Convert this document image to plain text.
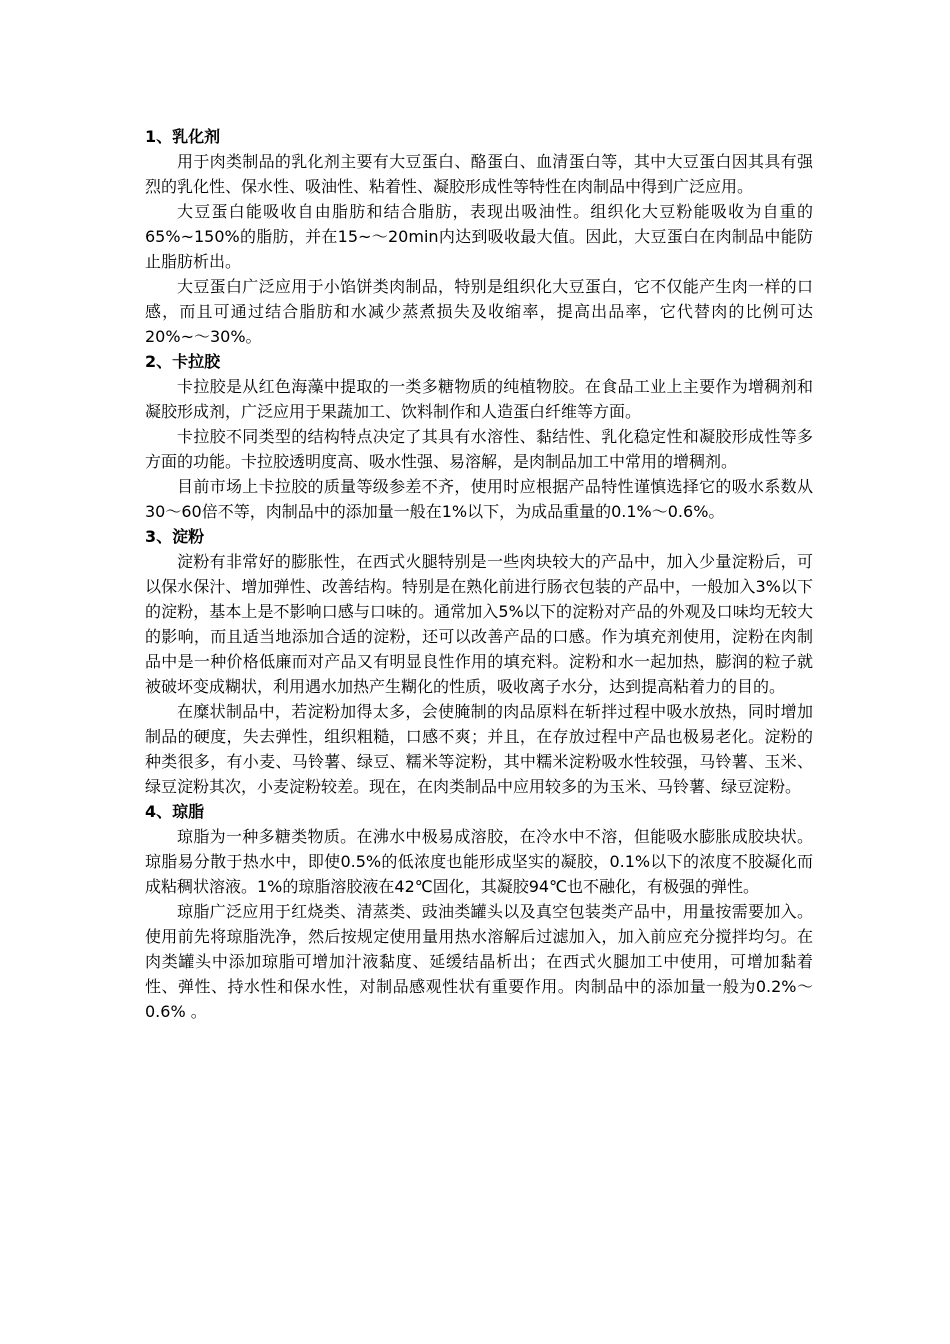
1、乳化剂

用于肉类制品的乳化剂主要有大豆蛋白、酪蛋白、血清蛋白等，其中大豆蛋白因其具有强烈的乳化性、保水性、吸油性、粘着性、凝胶形成性等特性在肉制品中得到广泛应用。

大豆蛋白能吸收自由脂肪和结合脂肪，表现出吸油性。组织化大豆粉能吸收为自重的65%~150%的脂肪，并在15~～20min内达到吸收最大值。因此，大豆蛋白在肉制品中能防止脂肪析出。

大豆蛋白广泛应用于小馅饼类肉制品，特别是组织化大豆蛋白，它不仅能产生肉一样的口感，而且可通过结合脂肪和水减少蒸煮损失及收缩率，提高出品率，它代替肉的比例可达20%~～30%。

2、卡拉胶

卡拉胶是从红色海藻中提取的一类多糖物质的纯植物胶。在食品工业上主要作为增稠剂和凝胶形成剂，广泛应用于果蔬加工、饮料制作和人造蛋白纤维等方面。

卡拉胶不同类型的结构特点决定了其具有水溶性、黏结性、乳化稳定性和凝胶形成性等多方面的功能。卡拉胶透明度高、吸水性强、易溶解，是肉制品加工中常用的增稠剂。

目前市场上卡拉胶的质量等级参差不齐，使用时应根据产品特性谨慎选择它的吸水系数从30～60倍不等，肉制品中的添加量一般在1%以下，为成品重量的0.1%～0.6%。

3、淀粉

淀粉有非常好的膨胀性，在西式火腿特别是一些肉块较大的产品中，加入少量淀粉后，可以保水保汁、增加弹性、改善结构。特别是在熟化前进行肠衣包装的产品中，一般加入3%以下的淀粉，基本上是不影响口感与口味的。通常加入5%以下的淀粉对产品的外观及口味均无较大的影响，而且适当地添加合适的淀粉，还可以改善产品的口感。作为填充剂使用，淀粉在肉制品中是一种价格低廉而对产品又有明显良性作用的填充料。淀粉和水一起加热，膨润的粒子就被破坏变成糊状，利用遇水加热产生糊化的性质，吸收离子水分，达到提高粘着力的目的。

在糜状制品中，若淀粉加得太多，会使腌制的肉品原料在斩拌过程中吸水放热，同时增加制品的硬度，失去弹性，组织粗糙，口感不爽；并且，在存放过程中产品也极易老化。淀粉的种类很多，有小麦、马铃薯、绿豆、糯米等淀粉，其中糯米淀粉吸水性较强，马铃薯、玉米、绿豆淀粉其次，小麦淀粉较差。现在，在肉类制品中应用较多的为玉米、马铃薯、绿豆淀粉。

4、琼脂

琼脂为一种多糖类物质。在沸水中极易成溶胶，在冷水中不溶，但能吸水膨胀成胶块状。琼脂易分散于热水中，即使0.5%的低浓度也能形成坚实的凝胶，0.1%以下的浓度不胶凝化而成粘稠状溶液。1%的琼脂溶胶液在42℃固化，其凝胶94℃也不融化，有极强的弹性。

琼脂广泛应用于红烧类、清蒸类、豉油类罐头以及真空包装类产品中，用量按需要加入。使用前先将琼脂洗净，然后按规定使用量用热水溶解后过滤加入，加入前应充分搅拌均匀。在肉类罐头中添加琼脂可增加汁液黏度、延缓结晶析出；在西式火腿加工中使用，可增加黏着性、弹性、持水性和保水性，对制品感观性状有重要作用。肉制品中的添加量一般为0.2%～0.6% 。
